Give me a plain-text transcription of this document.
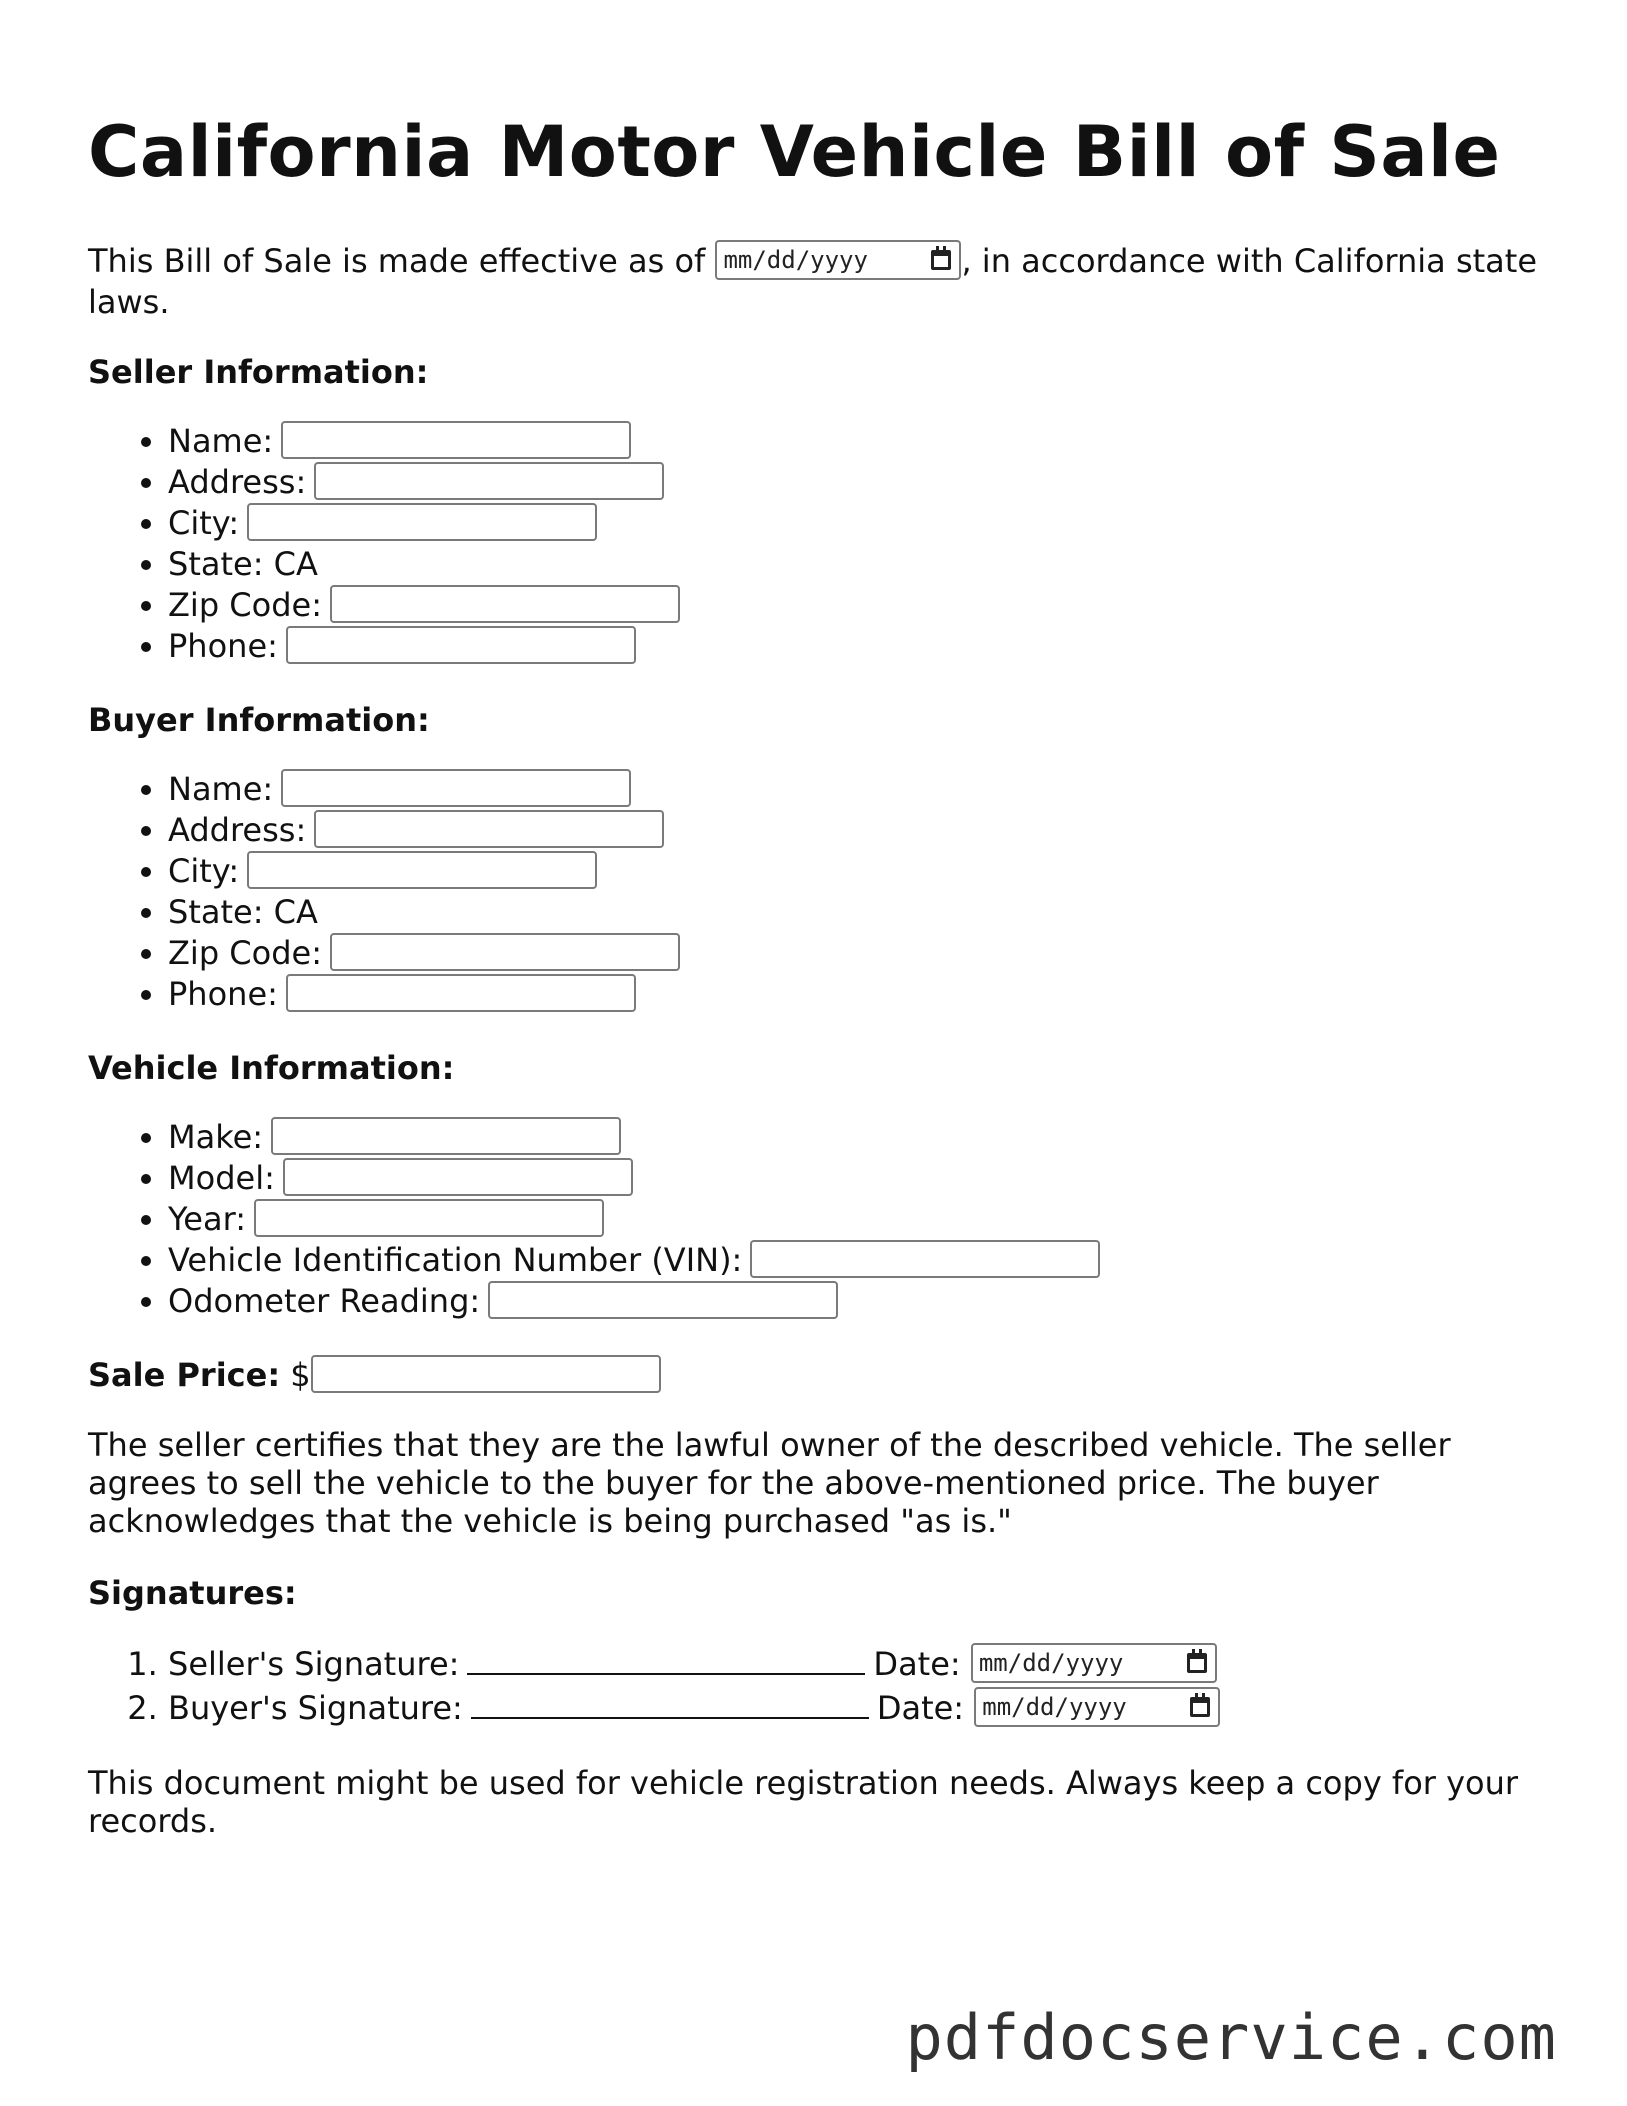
California Motor Vehicle Bill of Sale

This Bill of Sale is made effective as of mm/dd/yyyy	, in accordance with California state laws.

Seller Information:

• Name:
• Address:
• City:
• State: CA
• Zip Code:
• Phone:

Buyer Information:

• Name:
• Address:
• City:
• State: CA
• Zip Code:
• Phone:

Vehicle Information:

• Make:
• Model:
• Year:
• Vehicle Identification Number (VIN):
• Odometer Reading:

Sale Price: $

The seller certifies that they are the lawful owner of the described vehicle. The seller agrees to sell the vehicle to the buyer for the above-mentioned price. The buyer acknowledges that the vehicle is being purchased "as is."

Signatures:

1. Seller's Signature:	Date: mm/dd/yyyy
2. Buyer's Signature:	Date: mm/dd/yyyy

This document might be used for vehicle registration needs. Always keep a copy for your records.

pdfdocservice.com
